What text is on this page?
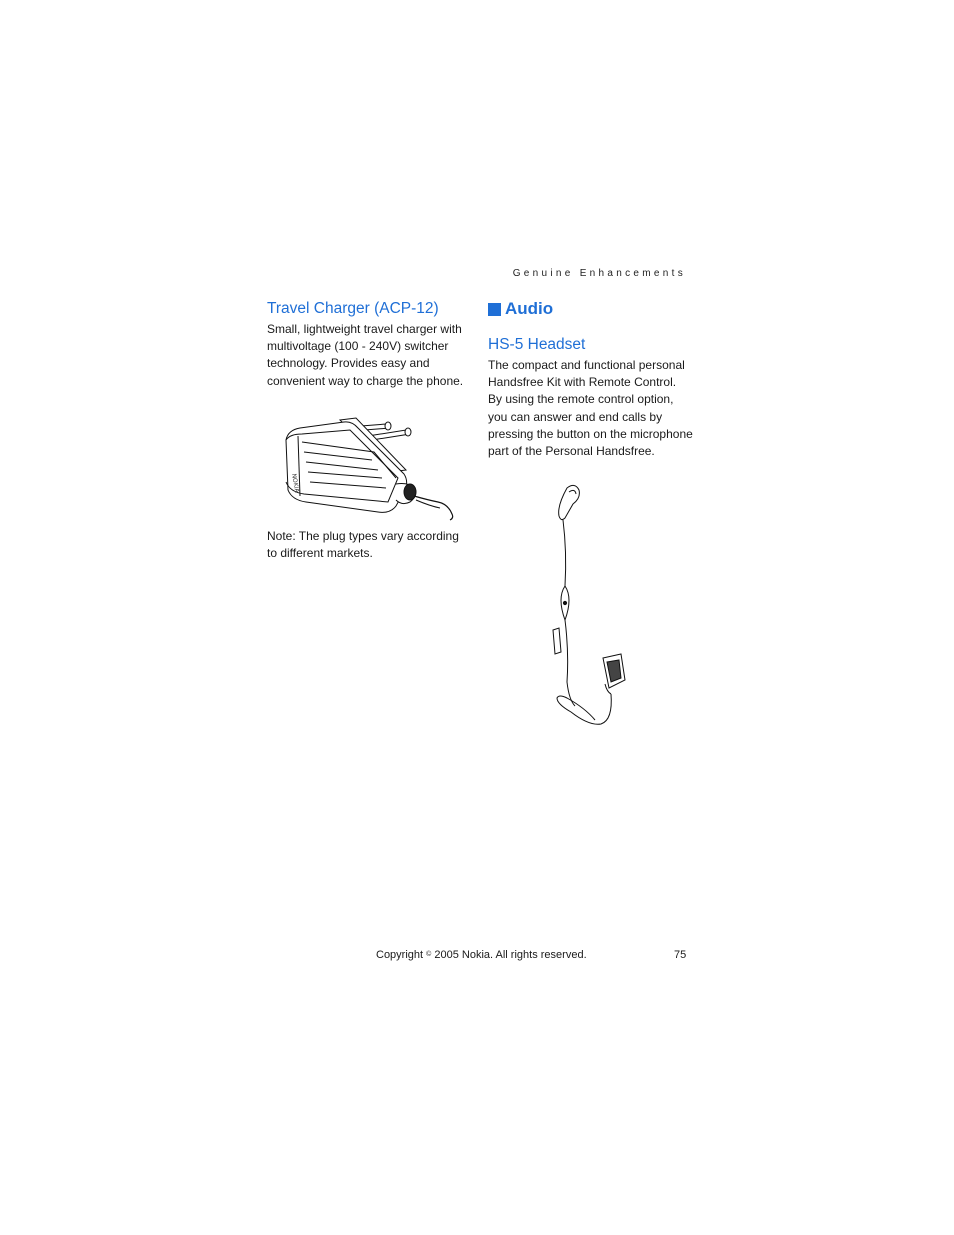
Genuine Enhancements
Travel Charger (ACP-12)

Small, lightweight travel charger with multivoltage (100 - 240V) switcher technology. Provides easy and convenient way to charge the phone.

NOKIA

Note: The plug types vary according to different markets.

Audio
HS-5 Headset

The compact and functional personal Handsfree Kit with Remote Control. By using the remote control option, you can answer and end calls by pressing the button on the microphone part of the Personal Handsfree.

Copyright © 2005 Nokia. All rights reserved.	75
